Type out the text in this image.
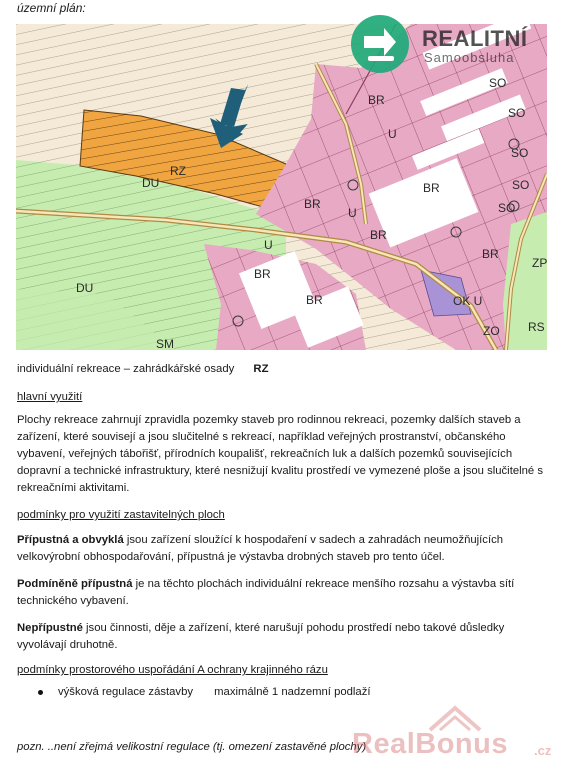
územní plán:
RZ
DU
DU
SM
BR
BR
BR
BR
BR
BR
BR
SO
SO
SO
SO
SO
U
U
U
OK U
ZP
ZO RS
REALITNÍ
Samoobsluha
individuální rekreace – zahrádkářské osady RZ
hlavní využití
Plochy rekreace zahrnují zpravidla pozemky staveb pro rodinnou rekreaci, pozemky dalších staveb a zařízení, které souvisejí a jsou slučitelné s rekreací, například veřejných prostranství, občanského vybavení, veřejných tábořišť, přírodních koupališť, rekreačních luk a dalších pozemků souvisejících dopravní a technické infrastruktury, které nesnižují kvalitu prostředí ve vymezené ploše a jsou slučitelné s rekreačními aktivitami.
podmínky pro využití zastavitelných ploch
Přípustná a obvyklá jsou zařízení sloužící k hospodaření v sadech a zahradách neumožňujících velkovýrobní obhospodařování, přípustná je výstavba drobných staveb pro tento účel.
Podmíněně přípustná je na těchto plochách individuální rekreace menšího rozsahu a výstavba sítí technického vybavení.
Nepřípustné jsou činnosti, děje a zařízení, které narušují pohodu prostředí nebo takové důsledky vyvolávají druhotně.
podmínky prostorového uspořádání A ochrany krajinného rázu
výšková regulace zástavby maximálně 1 nadzemní podlaží
pozn. ..není zřejmá velikostní regulace (tj. omezení zastavěné plochy)
RealBonus .cz
